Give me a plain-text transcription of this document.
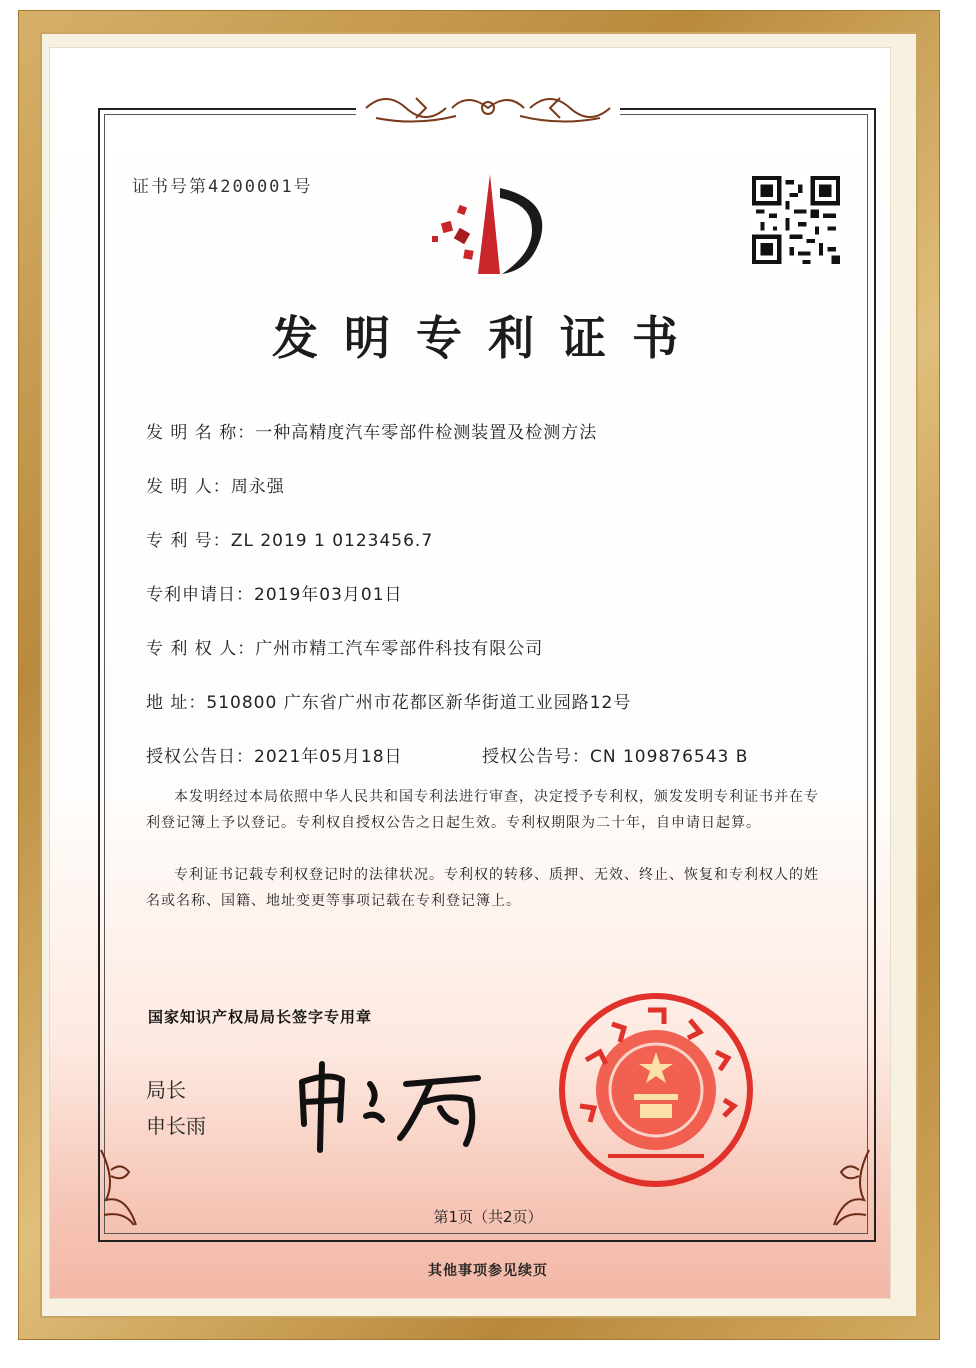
证书号第4200001号
发明专利证书
发 明 名 称：一种高精度汽车零部件检测装置及检测方法
发 明 人：周永强
专 利 号：ZL 2019 1 0123456.7
专利申请日：2019年03月01日
专 利 权 人：广州市精工汽车零部件科技有限公司
地 址：510800 广东省广州市花都区新华街道工业园路12号
授权公告日：2021年05月18日	授权公告号：CN 109876543 B
本发明经过本局依照中华人民共和国专利法进行审查，决定授予专利权，颁发发明专利证书并在专利登记簿上予以登记。专利权自授权公告之日起生效。专利权期限为二十年，自申请日起算。
专利证书记载专利权登记时的法律状况。专利权的转移、质押、无效、终止、恢复和专利权人的姓名或名称、国籍、地址变更等事项记载在专利登记簿上。
国家知识产权局局长签字专用章
局长
申长雨
第1页（共2页）
其他事项参见续页
